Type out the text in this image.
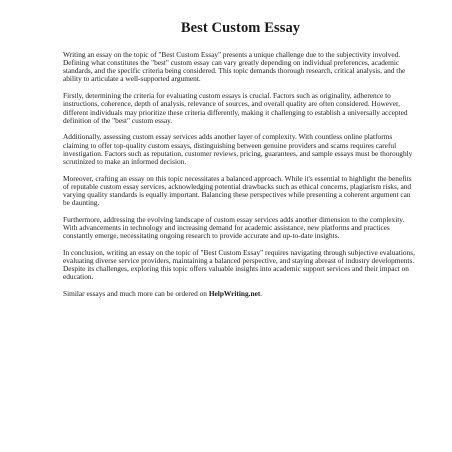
Best Custom Essay

Writing an essay on the topic of "Best Custom Essay" presents a unique challenge due to the subjectivity involved. Defining what constitutes the "best" custom essay can vary greatly depending on individual preferences, academic standards, and the specific criteria being considered. This topic demands thorough research, critical analysis, and the ability to articulate a well-supported argument.

Firstly, determining the criteria for evaluating custom essays is crucial. Factors such as originality, adherence to instructions, coherence, depth of analysis, relevance of sources, and overall quality are often considered. However, different individuals may prioritize these criteria differently, making it challenging to establish a universally accepted definition of the "best" custom essay.

Additionally, assessing custom essay services adds another layer of complexity. With countless online platforms claiming to offer top-quality custom essays, distinguishing between genuine providers and scams requires careful investigation. Factors such as reputation, customer reviews, pricing, guarantees, and sample essays must be thoroughly scrutinized to make an informed decision.

Moreover, crafting an essay on this topic necessitates a balanced approach. While it's essential to highlight the benefits of reputable custom essay services, acknowledging potential drawbacks such as ethical concerns, plagiarism risks, and varying quality standards is equally important. Balancing these perspectives while presenting a coherent argument can be daunting.

Furthermore, addressing the evolving landscape of custom essay services adds another dimension to the complexity. With advancements in technology and increasing demand for academic assistance, new platforms and practices constantly emerge, necessitating ongoing research to provide accurate and up-to-date insights.

In conclusion, writing an essay on the topic of "Best Custom Essay" requires navigating through subjective evaluations, evaluating diverse service providers, maintaining a balanced perspective, and staying abreast of industry developments. Despite its challenges, exploring this topic offers valuable insights into academic support services and their impact on education.

Similar essays and much more can be ordered on HelpWriting.net.
